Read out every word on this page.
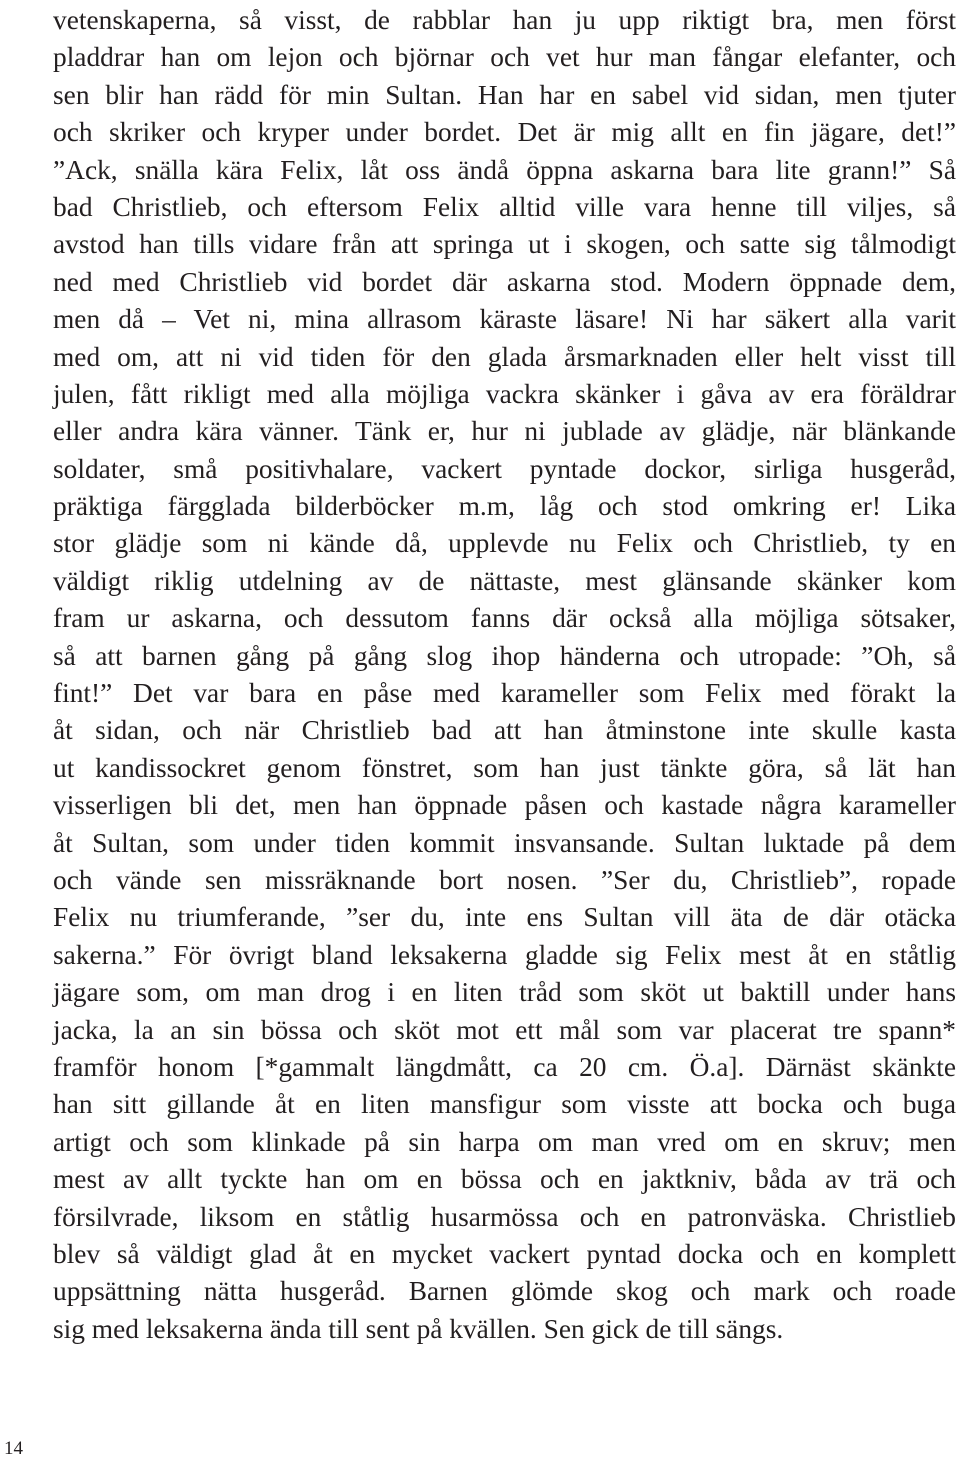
vetenskaperna, så visst, de rabblar han ju upp riktigt bra, men först
pladdrar han om lejon och björnar och vet hur man fångar elefanter, och
sen blir han rädd för min Sultan. Han har en sabel vid sidan, men tjuter
och skriker och kryper under bordet. Det är mig allt en fin jägare, det!”
”Ack, snälla kära Felix, låt oss ändå öppna askarna bara lite grann!” Så
bad Christlieb, och eftersom Felix alltid ville vara henne till viljes, så
avstod han tills vidare från att springa ut i skogen, och satte sig tålmodigt
ned med Christlieb vid bordet där askarna stod. Modern öppnade dem,
men då – Vet ni, mina allrasom käraste läsare! Ni har säkert alla varit
med om, att ni vid tiden för den glada årsmarknaden eller helt visst till
julen, fått rikligt med alla möjliga vackra skänker i gåva av era föräldrar
eller andra kära vänner. Tänk er, hur ni jublade av glädje, när blänkande
soldater, små positivhalare, vackert pyntade dockor, sirliga husgeråd,
präktiga färgglada bilderböcker m.m, låg och stod omkring er! Lika
stor glädje som ni kände då, upplevde nu Felix och Christlieb, ty en
väldigt riklig utdelning av de nättaste, mest glänsande skänker kom
fram ur askarna, och dessutom fanns där också alla möjliga sötsaker,
så att barnen gång på gång slog ihop händerna och utropade: ”Oh, så
fint!” Det var bara en påse med karameller som Felix med förakt la
åt sidan, och när Christlieb bad att han åtminstone inte skulle kasta
ut kandissockret genom fönstret, som han just tänkte göra, så lät han
visserligen bli det, men han öppnade påsen och kastade några karameller
åt Sultan, som under tiden kommit insvansande. Sultan luktade på dem
och vände sen missräknande bort nosen. ”Ser du, Christlieb”, ropade
Felix nu triumferande, ”ser du, inte ens Sultan vill äta de där otäcka
sakerna.” För övrigt bland leksakerna gladde sig Felix mest åt en ståtlig
jägare som, om man drog i en liten tråd som sköt ut baktill under hans
jacka, la an sin bössa och sköt mot ett mål som var placerat tre spann*
framför honom [*gammalt längdmått, ca 20 cm. Ö.a]. Därnäst skänkte
han sitt gillande åt en liten mansfigur som visste att bocka och buga
artigt och som klinkade på sin harpa om man vred om en skruv; men
mest av allt tyckte han om en bössa och en jaktkniv, båda av trä och
försilvrade, liksom en ståtlig husarmössa och en patronväska. Christlieb
blev så väldigt glad åt en mycket vackert pyntad docka och en komplett
uppsättning nätta husgeråd. Barnen glömde skog och mark och roade
sig med leksakerna ända till sent på kvällen. Sen gick de till sängs.
14
